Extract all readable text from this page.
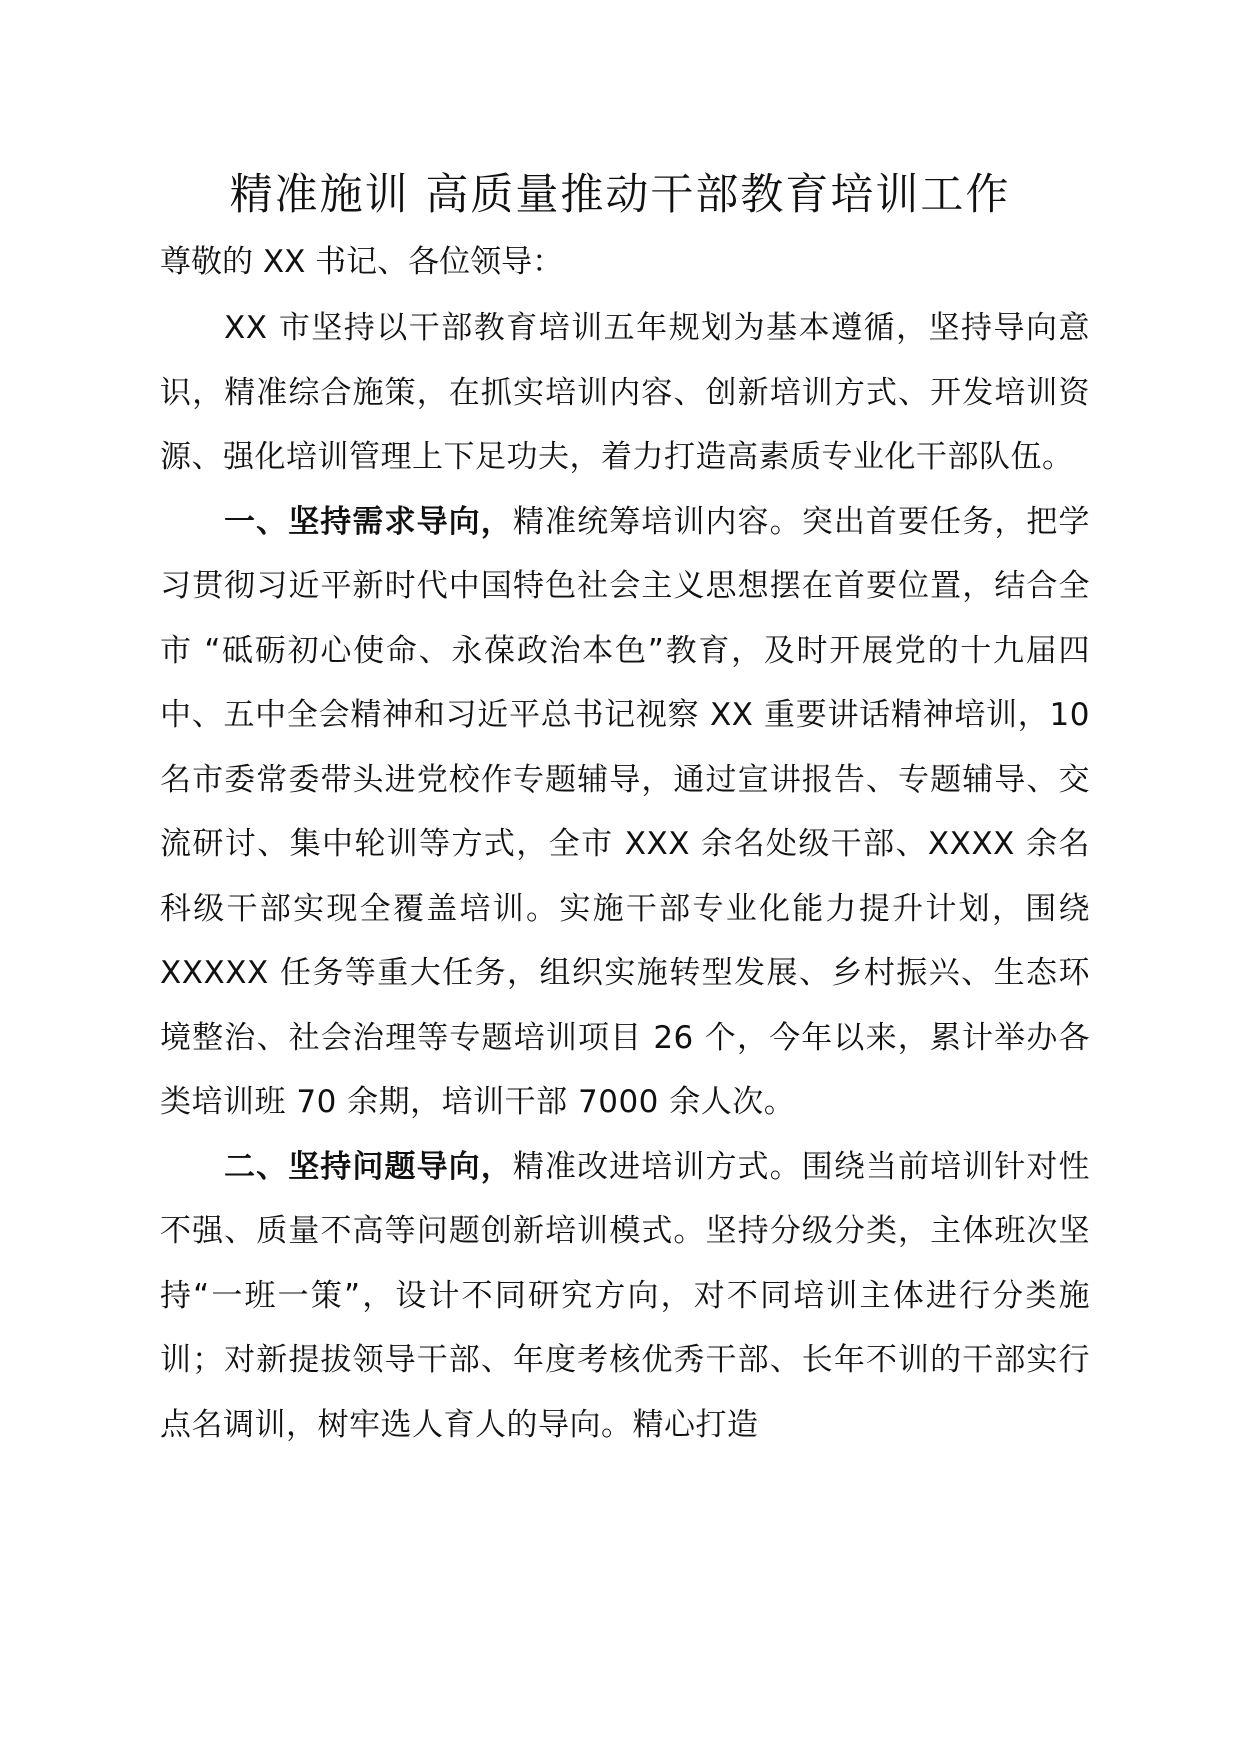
精准施训 高质量推动干部教育培训工作

尊敬的 XX 书记、各位领导：

XX 市坚持以干部教育培训五年规划为基本遵循，坚持导向意识，精准综合施策，在抓实培训内容、创新培训方式、开发培训资源、强化培训管理上下足功夫，着力打造高素质专业化干部队伍。

一、坚持需求导向，精准统筹培训内容。突出首要任务，把学习贯彻习近平新时代中国特色社会主义思想摆在首要位置，结合全市 “砥砺初心使命、永葆政治本色”教育，及时开展党的十九届四中、五中全会精神和习近平总书记视察 XX 重要讲话精神培训，10 名市委常委带头进党校作专题辅导，通过宣讲报告、专题辅导、交流研讨、集中轮训等方式，全市 XXX 余名处级干部、XXXX 余名科级干部实现全覆盖培训。实施干部专业化能力提升计划，围绕 XXXXX 任务等重大任务，组织实施转型发展、乡村振兴、生态环境整治、社会治理等专题培训项目 26 个，今年以来，累计举办各类培训班 70 余期，培训干部 7000 余人次。

二、坚持问题导向，精准改进培训方式。围绕当前培训针对性不强、质量不高等问题创新培训模式。坚持分级分类，主体班次坚持“一班一策”，设计不同研究方向，对不同培训主体进行分类施训；对新提拔领导干部、年度考核优秀干部、长年不训的干部实行点名调训，树牢选人育人的导向。精心打造
